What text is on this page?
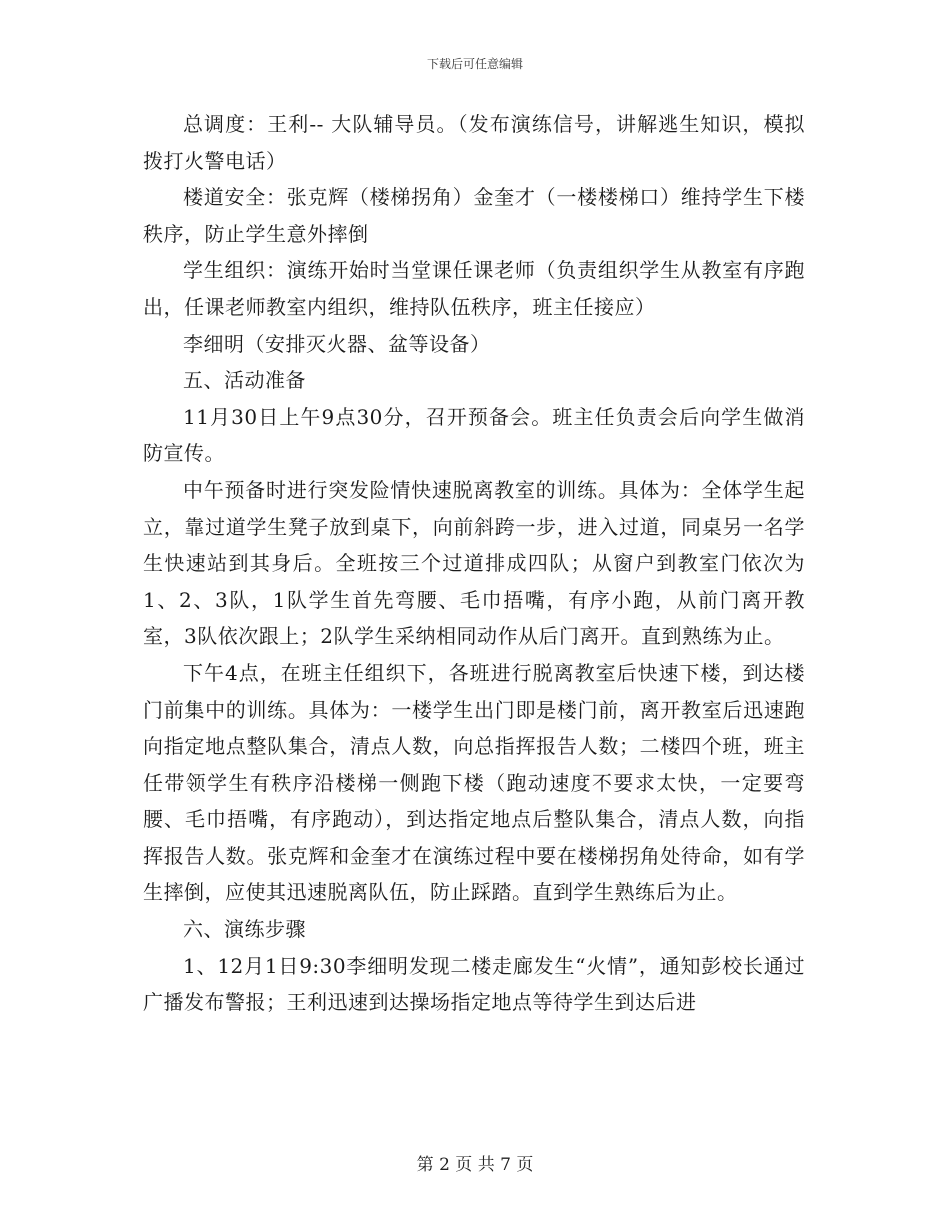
下载后可任意编辑

总调度：王利-- 大队辅导员。（发布演练信号，讲解逃生知识，模拟拨打火警电话）

楼道安全：张克辉（楼梯拐角）金奎才（一楼楼梯口）维持学生下楼秩序，防止学生意外摔倒

学生组织：演练开始时当堂课任课老师（负责组织学生从教室有序跑出，任课老师教室内组织，维持队伍秩序，班主任接应）

李细明（安排灭火器、盆等设备）

五、活动准备

11月30日上午9点30分，召开预备会。班主任负责会后向学生做消防宣传。

中午预备时进行突发险情快速脱离教室的训练。具体为：全体学生起立，靠过道学生凳子放到桌下，向前斜跨一步，进入过道，同桌另一名学生快速站到其身后。全班按三个过道排成四队；从窗户到教室门依次为1、2、3队，1队学生首先弯腰、毛巾捂嘴，有序小跑，从前门离开教室，3队依次跟上；2队学生采纳相同动作从后门离开。直到熟练为止。

下午4点，在班主任组织下，各班进行脱离教室后快速下楼，到达楼门前集中的训练。具体为：一楼学生出门即是楼门前，离开教室后迅速跑向指定地点整队集合，清点人数，向总指挥报告人数；二楼四个班，班主任带领学生有秩序沿楼梯一侧跑下楼（跑动速度不要求太快，一定要弯腰、毛巾捂嘴，有序跑动），到达指定地点后整队集合，清点人数，向指挥报告人数。张克辉和金奎才在演练过程中要在楼梯拐角处待命，如有学生摔倒，应使其迅速脱离队伍，防止踩踏。直到学生熟练后为止。

六、演练步骤

1、12月1日9:30李细明发现二楼走廊发生“火情”，通知彭校长通过广播发布警报；王利迅速到达操场指定地点等待学生到达后进

第 2 页 共 7 页
